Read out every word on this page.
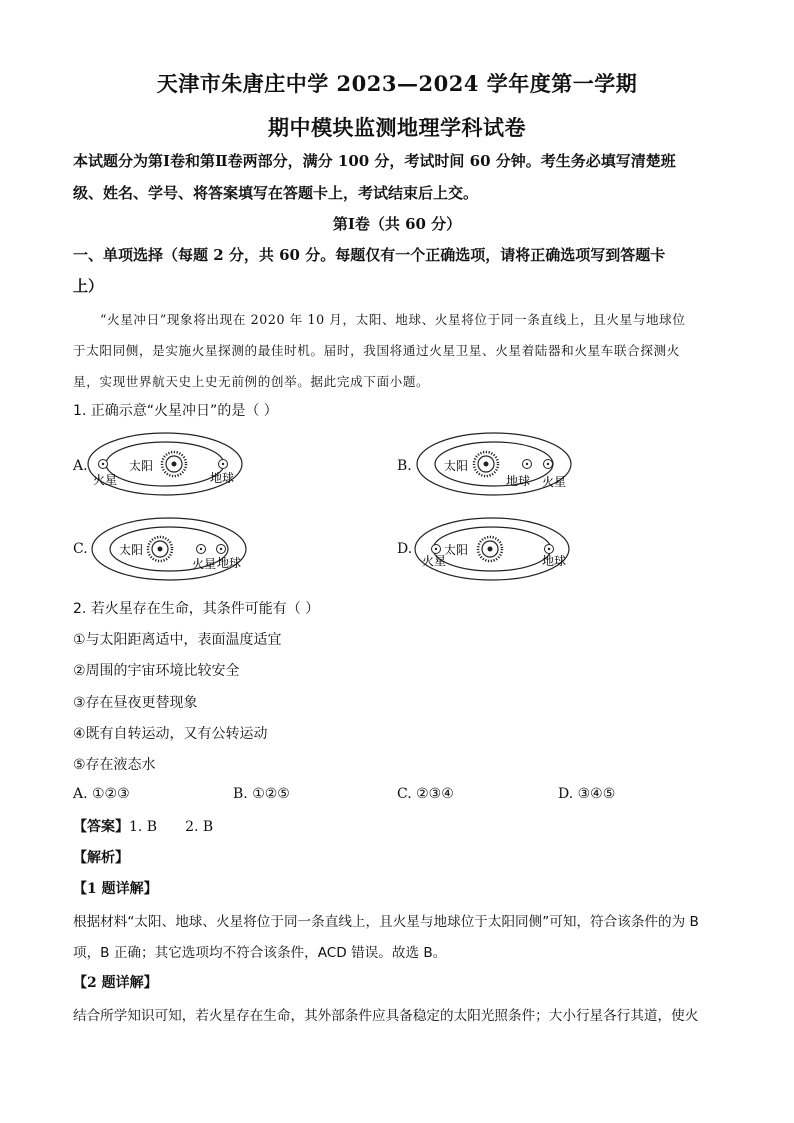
天津市朱唐庄中学 2023—2024 学年度第一学期
期中模块监测地理学科试卷
本试题分为第Ⅰ卷和第Ⅱ卷两部分，满分 100 分，考试时间 60 分钟。考生务必填写清楚班
级、姓名、学号、将答案填写在答题卡上，考试结束后上交。
第Ⅰ卷（共 60 分）
一、单项选择（每题 2 分，共 60 分。每题仅有一个正确选项，请将正确选项写到答题卡
上）
“火星冲日”现象将出现在 2020 年 10 月，太阳、地球、火星将位于同一条直线上，且火星与地球位
于太阳同侧，是实施火星探测的最佳时机。届时，我国将通过火星卫星、火星着陆器和火星车联合探测火
星，实现世界航天史上史无前例的创举。据此完成下面小题。
1. 正确示意“火星冲日”的是（ ）
A.	太阳
火星	地球
B.	太阳
地球 火星
C.	太阳
火星 地球
D.	太阳
火星	地球
2. 若火星存在生命，其条件可能有（ ）
①与太阳距离适中，表面温度适宜
②周围的宇宙环境比较安全
③存在昼夜更替现象
④既有自转运动，又有公转运动
⑤存在液态水
A. ①②③	B. ①②⑤	C. ②③④	D. ③④⑤
【答案】1. B 2. B
【解析】
【1 题详解】
根据材料“太阳、地球、火星将位于同一条直线上，且火星与地球位于太阳同侧”可知，符合该条件的为 B
项，B 正确；其它选项均不符合该条件，ACD 错误。故选 B。
【2 题详解】
结合所学知识可知，若火星存在生命，其外部条件应具备稳定的太阳光照条件；大小行星各行其道，使火
